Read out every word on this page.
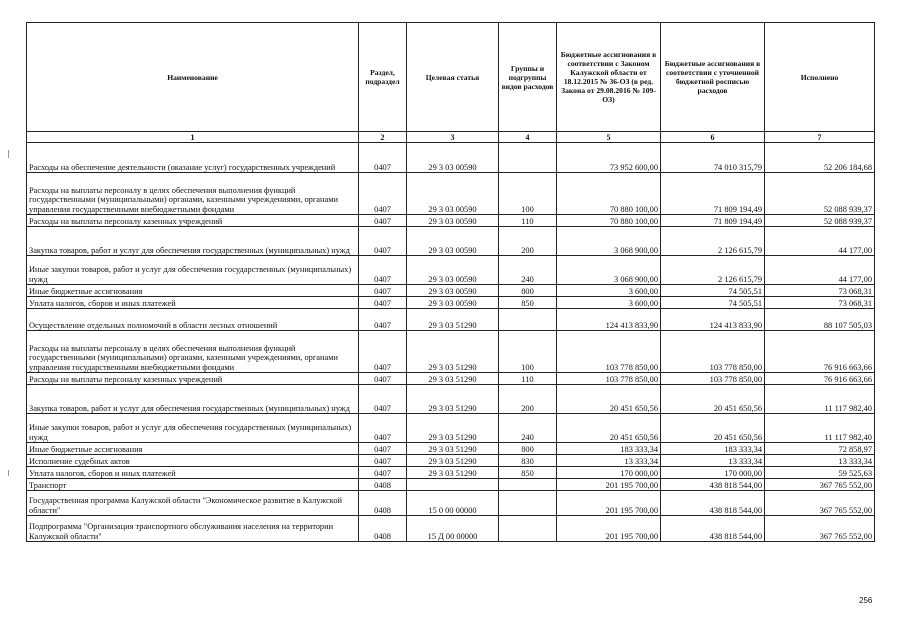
Наименование	Раздел, подраздел	Целевая статья	Группы и подгруппы видов расходов	Бюджетные ассигнования в соответствии с Законом Калужской области от 18.12.2015 № 36-ОЗ (в ред. Закона от 29.08.2016 № 109-ОЗ)	Бюджетные ассигнования в соответствии с уточненной бюджетной росписью расходов	Исполнено
1	2	3	4	5	6	7
Расходы на обеспечение деятельности (оказание услуг) государственных учреждений	0407	29 3 03 00590		73 952 600,00	74 010 315,79	52 206 184,68
Расходы на выплаты персоналу в целях обеспечения выполнения функций государственными (муниципальными) органами, казенными учреждениями, органами управления государственными внебюджетными фондами	0407	29 3 03 00590	100	70 880 100,00	71 809 194,49	52 088 939,37
Расходы на выплаты персоналу казенных учреждений	0407	29 3 03 00590	110	70 880 100,00	71 809 194,49	52 088 939,37
Закупка товаров, работ и услуг для обеспечения государственных (муниципальных) нужд	0407	29 3 03 00590	200	3 068 900,00	2 126 615,79	44 177,00
Иные закупки товаров, работ и услуг для обеспечения государственных (муниципальных) нужд	0407	29 3 03 00590	240	3 068 900,00	2 126 615,79	44 177,00
Иные бюджетные ассигнования	0407	29 3 03 00590	800	3 600,00	74 505,51	73 068,31
Уплата налогов, сборов и иных платежей	0407	29 3 03 00590	850	3 600,00	74 505,51	73 068,31
Осуществление отдельных полномочий в области лесных отношений	0407	29 3 03 51290		124 413 833,90	124 413 833,90	88 107 505,03
Расходы на выплаты персоналу в целях обеспечения выполнения функций государственными (муниципальными) органами, казенными учреждениями, органами управления государственными внебюджетными фондами	0407	29 3 03 51290	100	103 778 850,00	103 778 850,00	76 916 663,66
Расходы на выплаты персоналу казенных учреждений	0407	29 3 03 51290	110	103 778 850,00	103 778 850,00	76 916 663,66
Закупка товаров, работ и услуг для обеспечения государственных (муниципальных) нужд	0407	29 3 03 51290	200	20 451 650,56	20 451 650,56	11 117 982,40
Иные закупки товаров, работ и услуг для обеспечения государственных (муниципальных) нужд	0407	29 3 03 51290	240	20 451 650,56	20 451 650,56	11 117 982,40
Иные бюджетные ассигнования	0407	29 3 03 51290	800	183 333,34	183 333,34	72 858,97
Исполнение судебных актов	0407	29 3 03 51290	830	13 333,34	13 333,34	13 333,34
Уплата налогов, сборов и иных платежей	0407	29 3 03 51290	850	170 000,00	170 000,00	59 525,63
Транспорт	0408			201 195 700,00	438 818 544,00	367 765 552,00
Государственная программа Калужской области "Экономическое развитие в Калужской области"	0408	15 0 00 00000		201 195 700,00	438 818 544,00	367 765 552,00
Подпрограмма "Организация транспортного обслуживания населения на территории Калужской области"	0408	15 Д 00 00000		201 195 700,00	438 818 544,00	367 765 552,00
256
